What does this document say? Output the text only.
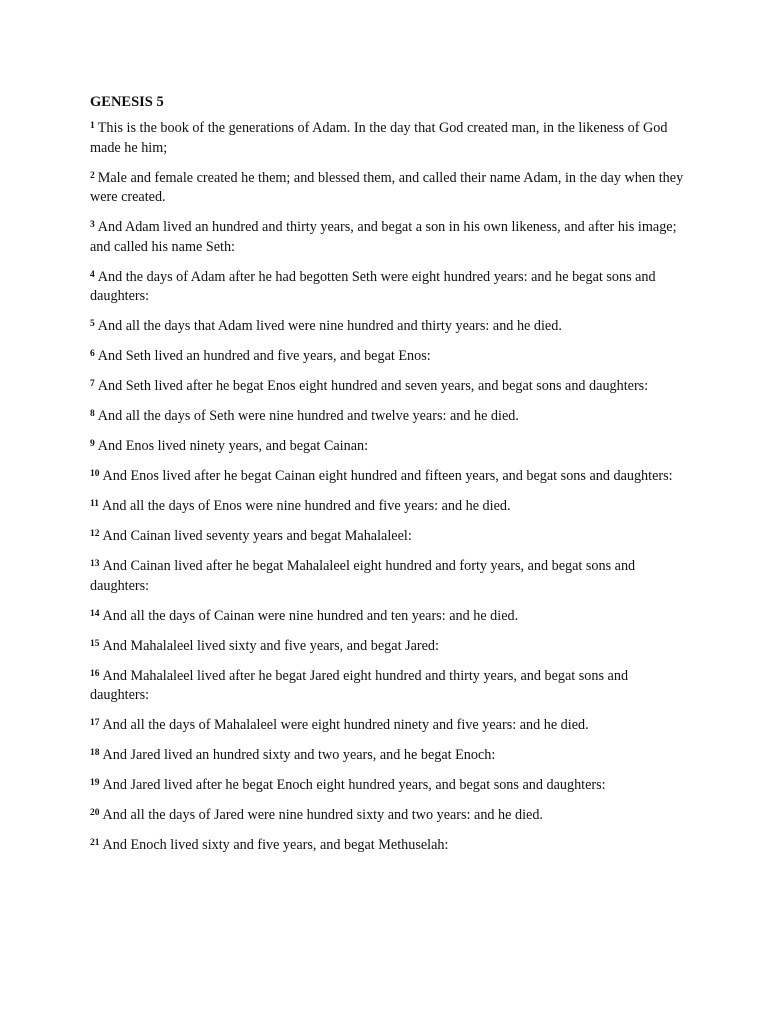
GENESIS 5

$^1$ This is the book of the generations of Adam. In the day that God created man, in the likeness of God made he him;

$^2$ Male and female created he them; and blessed them, and called their name Adam, in the day when they were created.

$^3$ And Adam lived an hundred and thirty years, and begat a son in his own likeness, and after his image; and called his name Seth:

$^4$ And the days of Adam after he had begotten Seth were eight hundred years: and he begat sons and daughters:

$^5$ And all the days that Adam lived were nine hundred and thirty years: and he died.

$^6$ And Seth lived an hundred and five years, and begat Enos:

$^7$ And Seth lived after he begat Enos eight hundred and seven years, and begat sons and daughters:

$^8$ And all the days of Seth were nine hundred and twelve years: and he died.

$^9$ And Enos lived ninety years, and begat Cainan:

$^{10}$ And Enos lived after he begat Cainan eight hundred and fifteen years, and begat sons and daughters:

$^{11}$ And all the days of Enos were nine hundred and five years: and he died.

$^{12}$ And Cainan lived seventy years and begat Mahalaleel:

$^{13}$ And Cainan lived after he begat Mahalaleel eight hundred and forty years, and begat sons and daughters:

$^{14}$ And all the days of Cainan were nine hundred and ten years: and he died.

$^{15}$ And Mahalaleel lived sixty and five years, and begat Jared:

$^{16}$ And Mahalaleel lived after he begat Jared eight hundred and thirty years, and begat sons and daughters:

$^{17}$ And all the days of Mahalaleel were eight hundred ninety and five years: and he died.

$^{18}$ And Jared lived an hundred sixty and two years, and he begat Enoch:

$^{19}$ And Jared lived after he begat Enoch eight hundred years, and begat sons and daughters:

$^{20}$ And all the days of Jared were nine hundred sixty and two years: and he died.

$^{21}$ And Enoch lived sixty and five years, and begat Methuselah:
